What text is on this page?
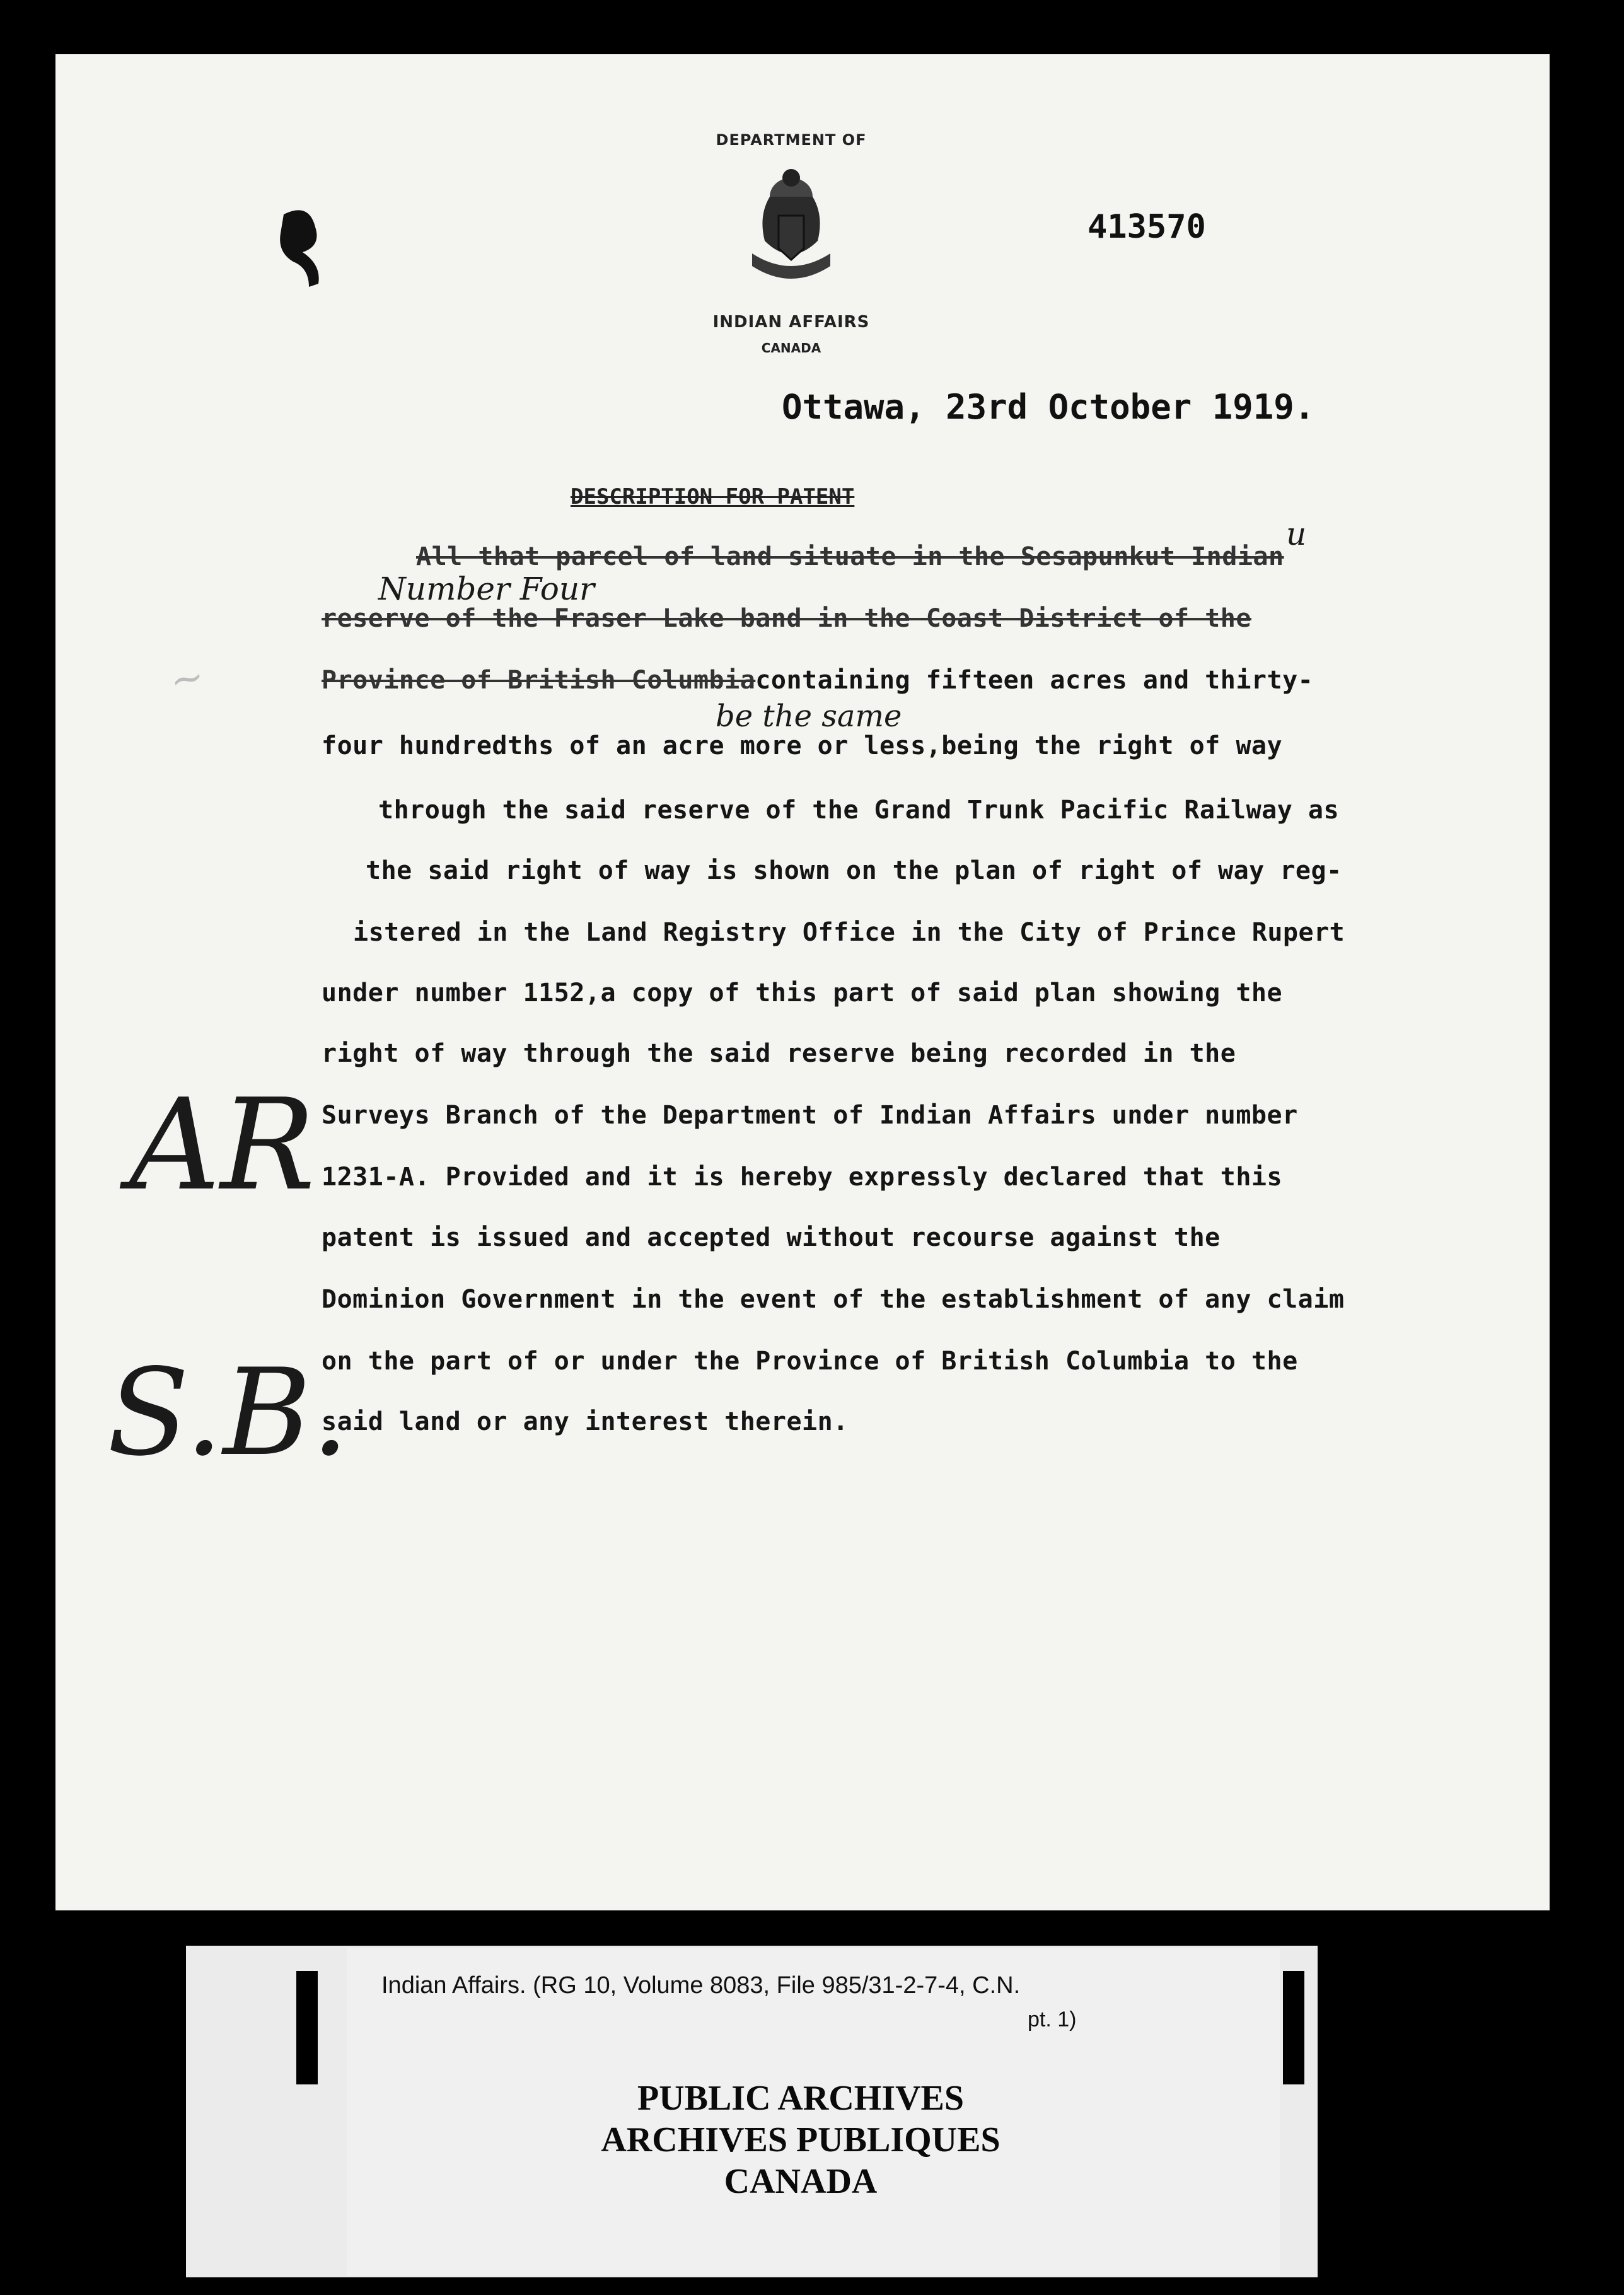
DEPARTMENT OF
INDIAN AFFAIRS
CANADA
413570
Ottawa, 23rd October 1919.
DESCRIPTION FOR PATENT
All that parcel of land situate in the Sesapunkut Indian
reserve of the Fraser Lake band in the Coast District of the
Province of British Columbiacontaining fifteen acres and thirty-
four hundredths of an acre more or less,being the right of way
through the said reserve of the Grand Trunk Pacific Railway as
the said right of way is shown on the plan of right of way reg-
istered in the Land Registry Office in the City of Prince Rupert
under number 1152,a copy of this part of said plan showing the
right of way through the said reserve being recorded in the
Surveys Branch of the Department of Indian Affairs under number
1231-A. Provided and it is hereby expressly declared that this
patent is issued and accepted without recourse against the
Dominion Government in the event of the establishment of any claim
on the part of or under the Province of British Columbia to the
said land or any interest therein.
Number Four
be the same
u
AR
S.B.
~
Indian Affairs. (RG 10, Volume 8083, File 985/31-2-7-4, C.N.
pt. 1)
PUBLIC ARCHIVES
ARCHIVES PUBLIQUES
CANADA
